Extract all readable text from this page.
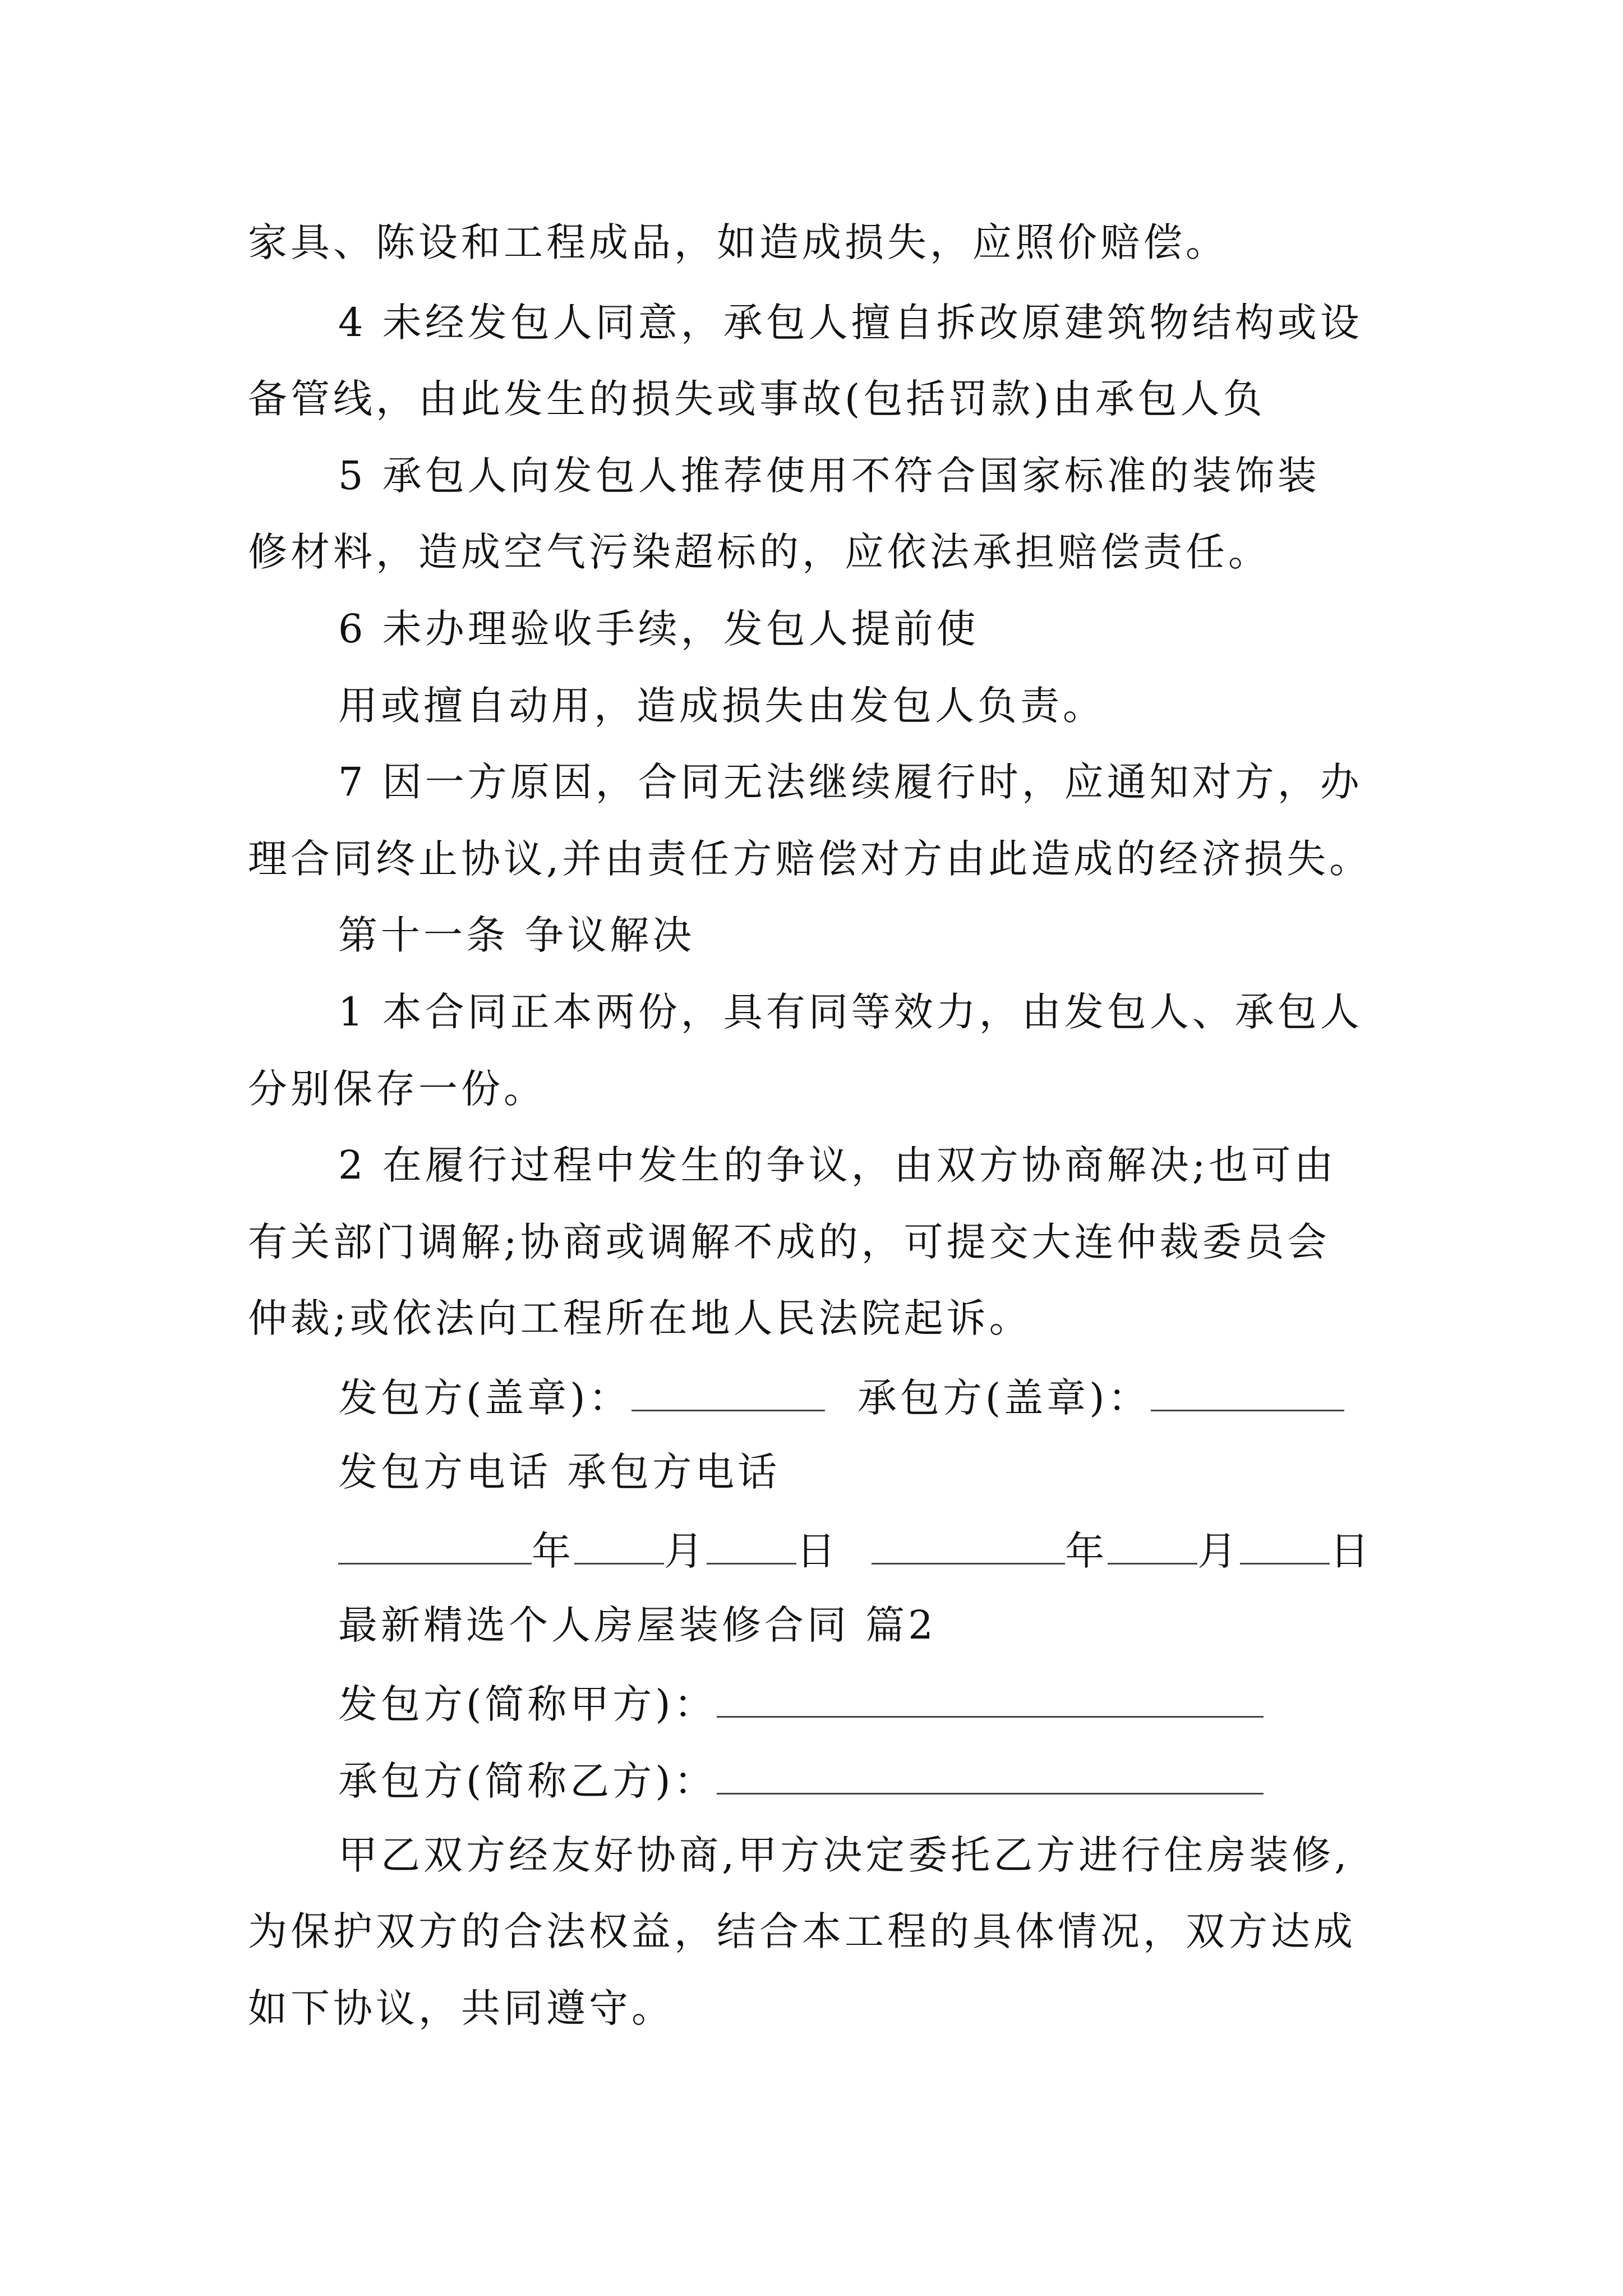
家具、陈设和工程成品，如造成损失，应照价赔偿。
4 未经发包人同意，承包人擅自拆改原建筑物结构或设
备管线，由此发生的损失或事故(包括罚款)由承包人负
5 承包人向发包人推荐使用不符合国家标准的装饰装
修材料，造成空气污染超标的，应依法承担赔偿责任。
6 未办理验收手续，发包人提前使
用或擅自动用，造成损失由发包人负责。
7 因一方原因，合同无法继续履行时，应通知对方，办
理合同终止协议,并由责任方赔偿对方由此造成的经济损失。
第十一条 争议解决
1 本合同正本两份，具有同等效力，由发包人、承包人
分别保存一份。
2 在履行过程中发生的争议，由双方协商解决;也可由
有关部门调解;协商或调解不成的，可提交大连仲裁委员会
仲裁;或依法向工程所在地人民法院起诉。
发包方(盖章)：	承包方(盖章)：
发包方电话 承包方电话
年 月 日	年 月 日
最新精选个人房屋装修合同 篇2
发包方(简称甲方)：
承包方(简称乙方)：
甲乙双方经友好协商,甲方决定委托乙方进行住房装修,
为保护双方的合法权益，结合本工程的具体情况，双方达成
如下协议，共同遵守。
